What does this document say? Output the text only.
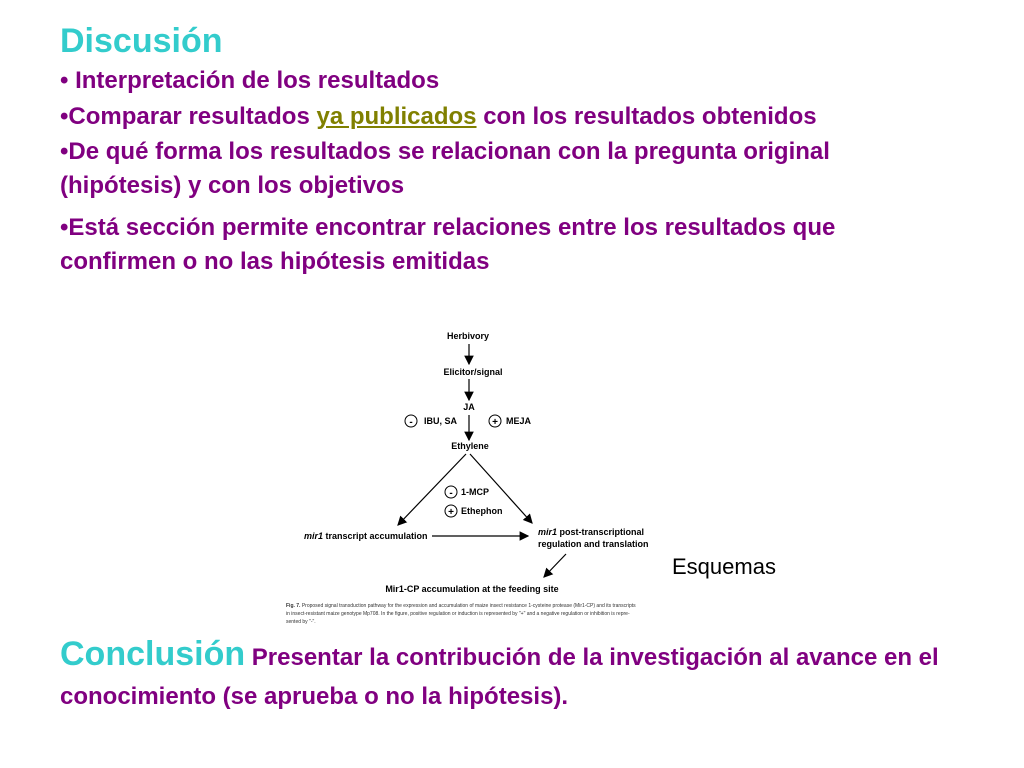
Discusión
• Interpretación de los resultados
•Comparar resultados ya publicados con los resultados obtenidos
•De qué forma los resultados se relacionan con la pregunta original
(hipótesis) y con los objetivos
•Está sección permite encontrar relaciones entre los resultados que
confirmen o no las hipótesis emitidas
Herbivory
Elicitor/signal
JA
- IBU, SA	+ MEJA
Ethylene
- 1-MCP
+ Ethephon
mir1 transcript accumulation	mir1 post-transcriptional
regulation and translation
Mir1-CP accumulation at the feeding site
Fig. 7. Proposed signal transduction pathway for the expression and accumulation of maize insect resistance 1-cysteine protease (Mir1-CP) and its transcripts
in insect-resistant maize genotype Mp708. In the figure, positive regulation or induction is represented by "+" and a negative regulation or inhibition is repre-
sented by "-".
Esquemas
Conclusión Presentar la contribución de la investigación al avance en el conocimiento (se aprueba o no la hipótesis).
